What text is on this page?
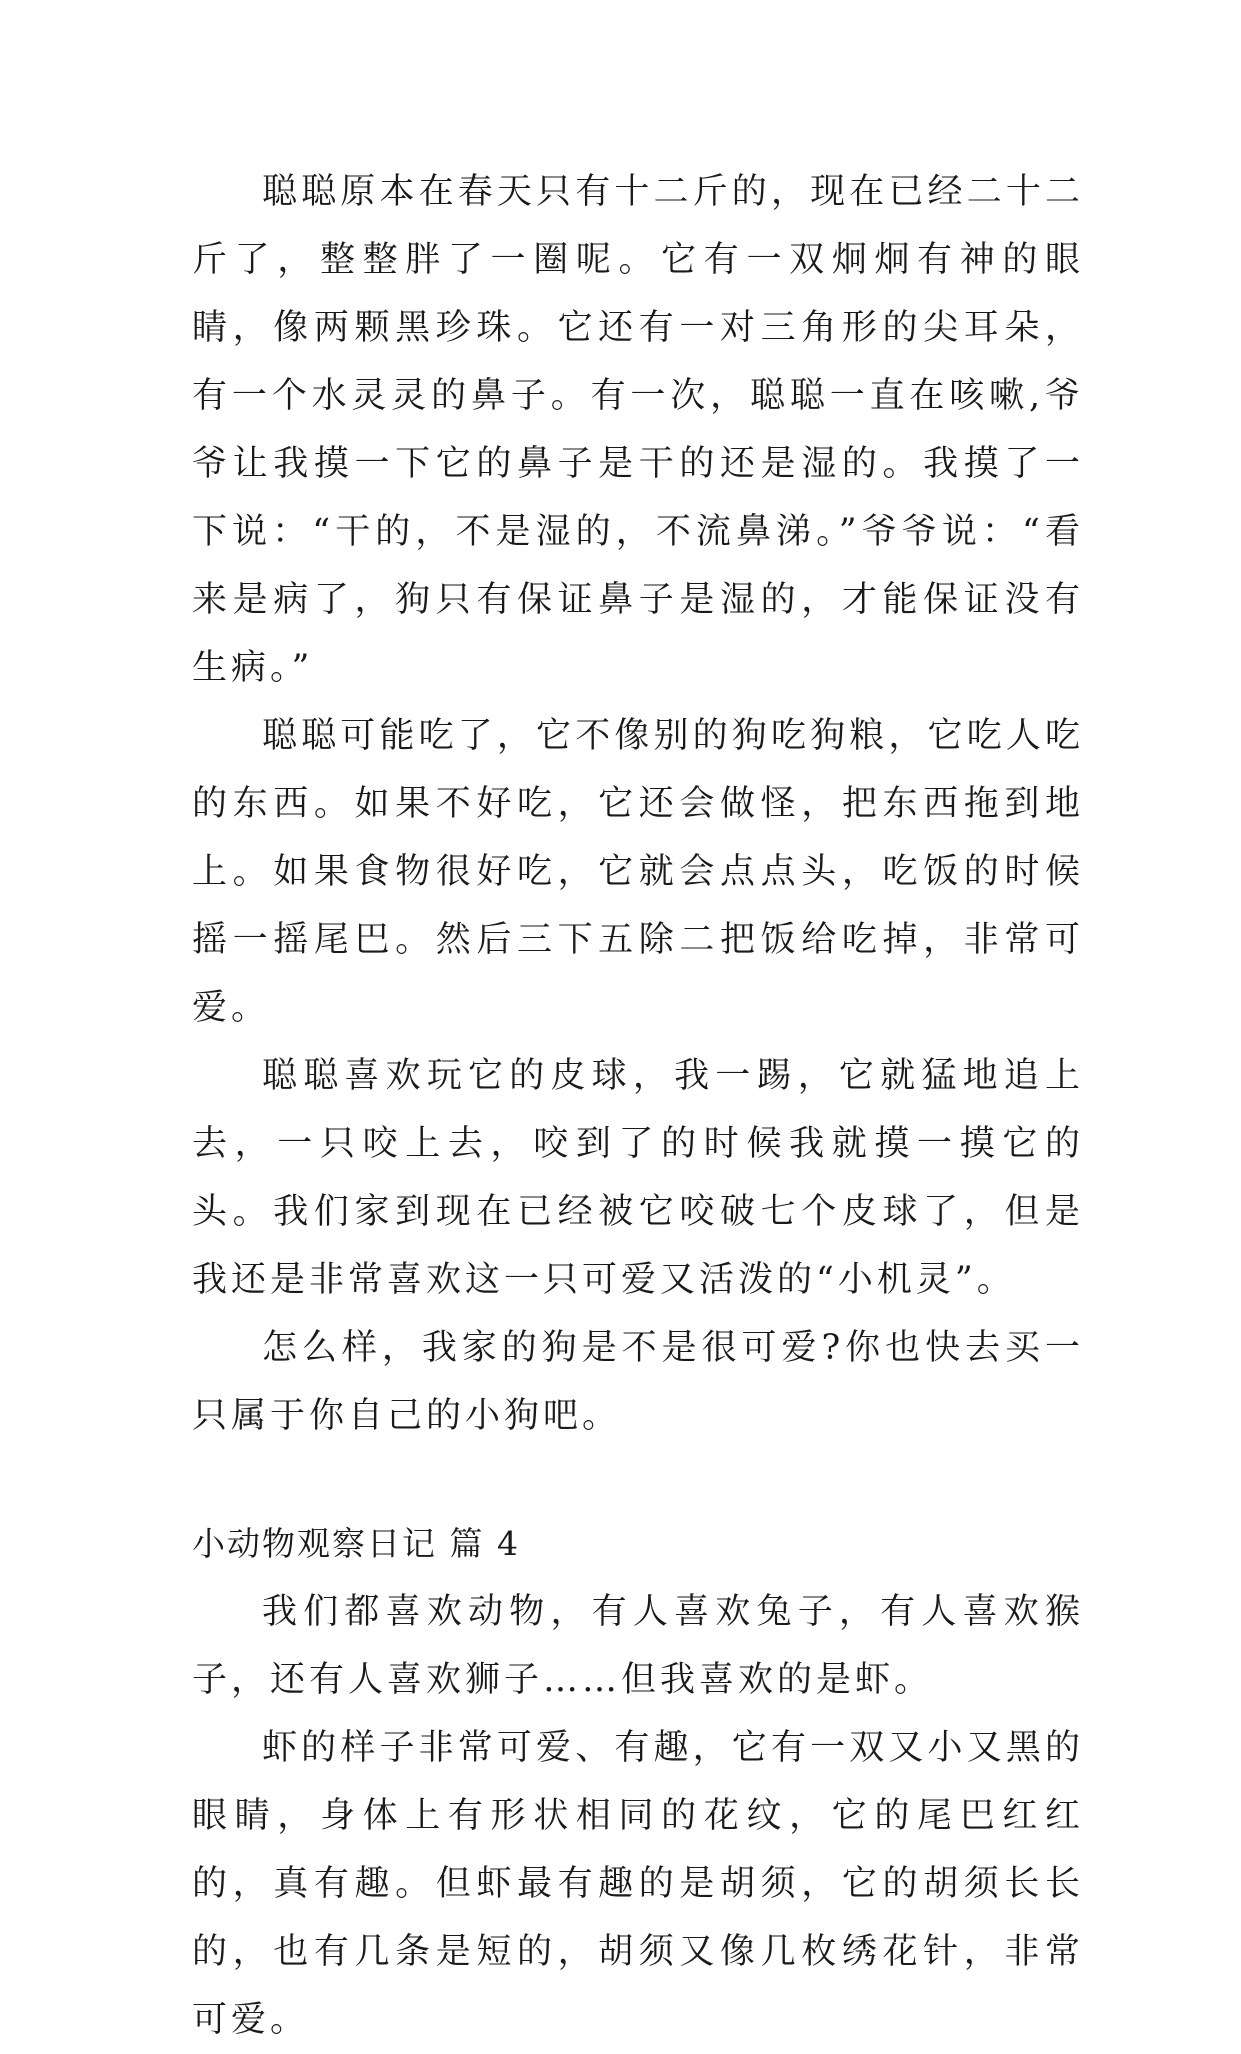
聪聪原本在春天只有十二斤的，现在已经二十二斤了，整整胖了一圈呢。它有一双炯炯有神的眼睛，像两颗黑珍珠。它还有一对三角形的尖耳朵，有一个水灵灵的鼻子。有一次，聪聪一直在咳嗽,爷爷让我摸一下它的鼻子是干的还是湿的。我摸了一下说：“干的，不是湿的，不流鼻涕。”爷爷说：“看来是病了，狗只有保证鼻子是湿的，才能保证没有生病。”

聪聪可能吃了，它不像别的狗吃狗粮，它吃人吃的东西。如果不好吃，它还会做怪，把东西拖到地上。如果食物很好吃，它就会点点头，吃饭的时候摇一摇尾巴。然后三下五除二把饭给吃掉，非常可爱。

聪聪喜欢玩它的皮球，我一踢，它就猛地追上去，一只咬上去，咬到了的时候我就摸一摸它的头。我们家到现在已经被它咬破七个皮球了，但是我还是非常喜欢这一只可爱又活泼的“小机灵”。

怎么样，我家的狗是不是很可爱?你也快去买一只属于你自己的小狗吧。

小动物观察日记 篇 4

我们都喜欢动物，有人喜欢兔子，有人喜欢猴子，还有人喜欢狮子……但我喜欢的是虾。

虾的样子非常可爱、有趣，它有一双又小又黑的眼睛，身体上有形状相同的花纹，它的尾巴红红的，真有趣。但虾最有趣的是胡须，它的胡须长长的，也有几条是短的，胡须又像几枚绣花针，非常可爱。
